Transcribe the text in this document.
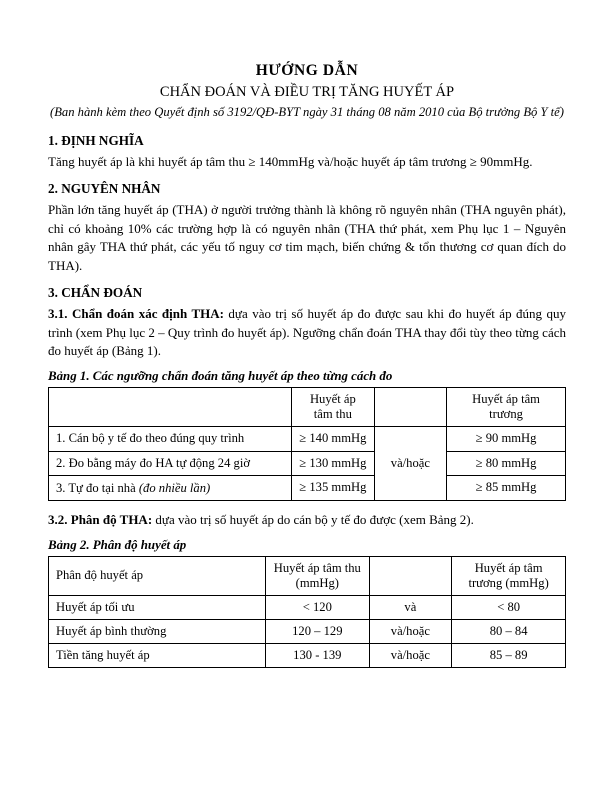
HƯỚNG DẪN
CHẨN ĐOÁN VÀ ĐIỀU TRỊ TĂNG HUYẾT ÁP
(Ban hành kèm theo Quyết định số 3192/QĐ-BYT ngày 31 tháng 08 năm 2010 của Bộ trưởng Bộ Y tế)
1. ĐỊNH NGHĨA

Tăng huyết áp là khi huyết áp tâm thu ≥ 140mmHg và/hoặc huyết áp tâm trương ≥ 90mmHg.

2. NGUYÊN NHÂN

Phần lớn tăng huyết áp (THA) ở người trưởng thành là không rõ nguyên nhân (THA nguyên phát), chỉ có khoảng 10% các trường hợp là có nguyên nhân (THA thứ phát, xem Phụ lục 1 – Nguyên nhân gây THA thứ phát, các yếu tố nguy cơ tim mạch, biến chứng & tổn thương cơ quan đích do THA).

3. CHẨN ĐOÁN

3.1. Chẩn đoán xác định THA: dựa vào trị số huyết áp đo được sau khi đo huyết áp đúng quy trình (xem Phụ lục 2 – Quy trình đo huyết áp). Ngưỡng chẩn đoán THA thay đổi tùy theo từng cách đo huyết áp (Bảng 1).

Bảng 1. Các ngưỡng chẩn đoán tăng huyết áp theo từng cách đo
	Huyết áp tâm thu		Huyết áp tâm trương
1. Cán bộ y tế đo theo đúng quy trình	≥ 140 mmHg	và/hoặc	≥ 90 mmHg
2. Đo bằng máy đo HA tự động 24 giờ	≥ 130 mmHg		≥ 80 mmHg
3. Tự đo tại nhà (đo nhiều lần)	≥ 135 mmHg		≥ 85 mmHg

3.2. Phân độ THA: dựa vào trị số huyết áp do cán bộ y tế đo được (xem Bảng 2).

Bảng 2. Phân độ huyết áp
Phân độ huyết áp	Huyết áp tâm thu (mmHg)		Huyết áp tâm trương (mmHg)
Huyết áp tối ưu	< 120	và	< 80
Huyết áp bình thường	120 – 129	và/hoặc	80 – 84
Tiền tăng huyết áp	130 - 139	và/hoặc	85 – 89
